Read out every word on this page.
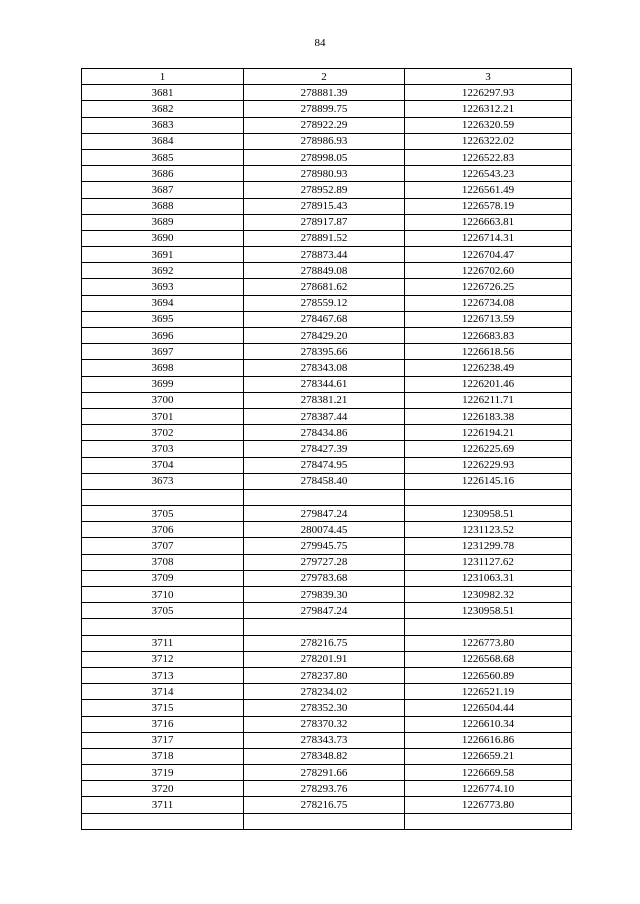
84
1	2	3
3681	278881.39	1226297.93
3682	278899.75	1226312.21
3683	278922.29	1226320.59
3684	278986.93	1226322.02
3685	278998.05	1226522.83
3686	278980.93	1226543.23
3687	278952.89	1226561.49
3688	278915.43	1226578.19
3689	278917.87	1226663.81
3690	278891.52	1226714.31
3691	278873.44	1226704.47
3692	278849.08	1226702.60
3693	278681.62	1226726.25
3694	278559.12	1226734.08
3695	278467.68	1226713.59
3696	278429.20	1226683.83
3697	278395.66	1226618.56
3698	278343.08	1226238.49
3699	278344.61	1226201.46
3700	278381.21	1226211.71
3701	278387.44	1226183.38
3702	278434.86	1226194.21
3703	278427.39	1226225.69
3704	278474.95	1226229.93
3673	278458.40	1226145.16

3705	279847.24	1230958.51
3706	280074.45	1231123.52
3707	279945.75	1231299.78
3708	279727.28	1231127.62
3709	279783.68	1231063.31
3710	279839.30	1230982.32
3705	279847.24	1230958.51

3711	278216.75	1226773.80
3712	278201.91	1226568.68
3713	278237.80	1226560.89
3714	278234.02	1226521.19
3715	278352.30	1226504.44
3716	278370.32	1226610.34
3717	278343.73	1226616.86
3718	278348.82	1226659.21
3719	278291.66	1226669.58
3720	278293.76	1226774.10
3711	278216.75	1226773.80
